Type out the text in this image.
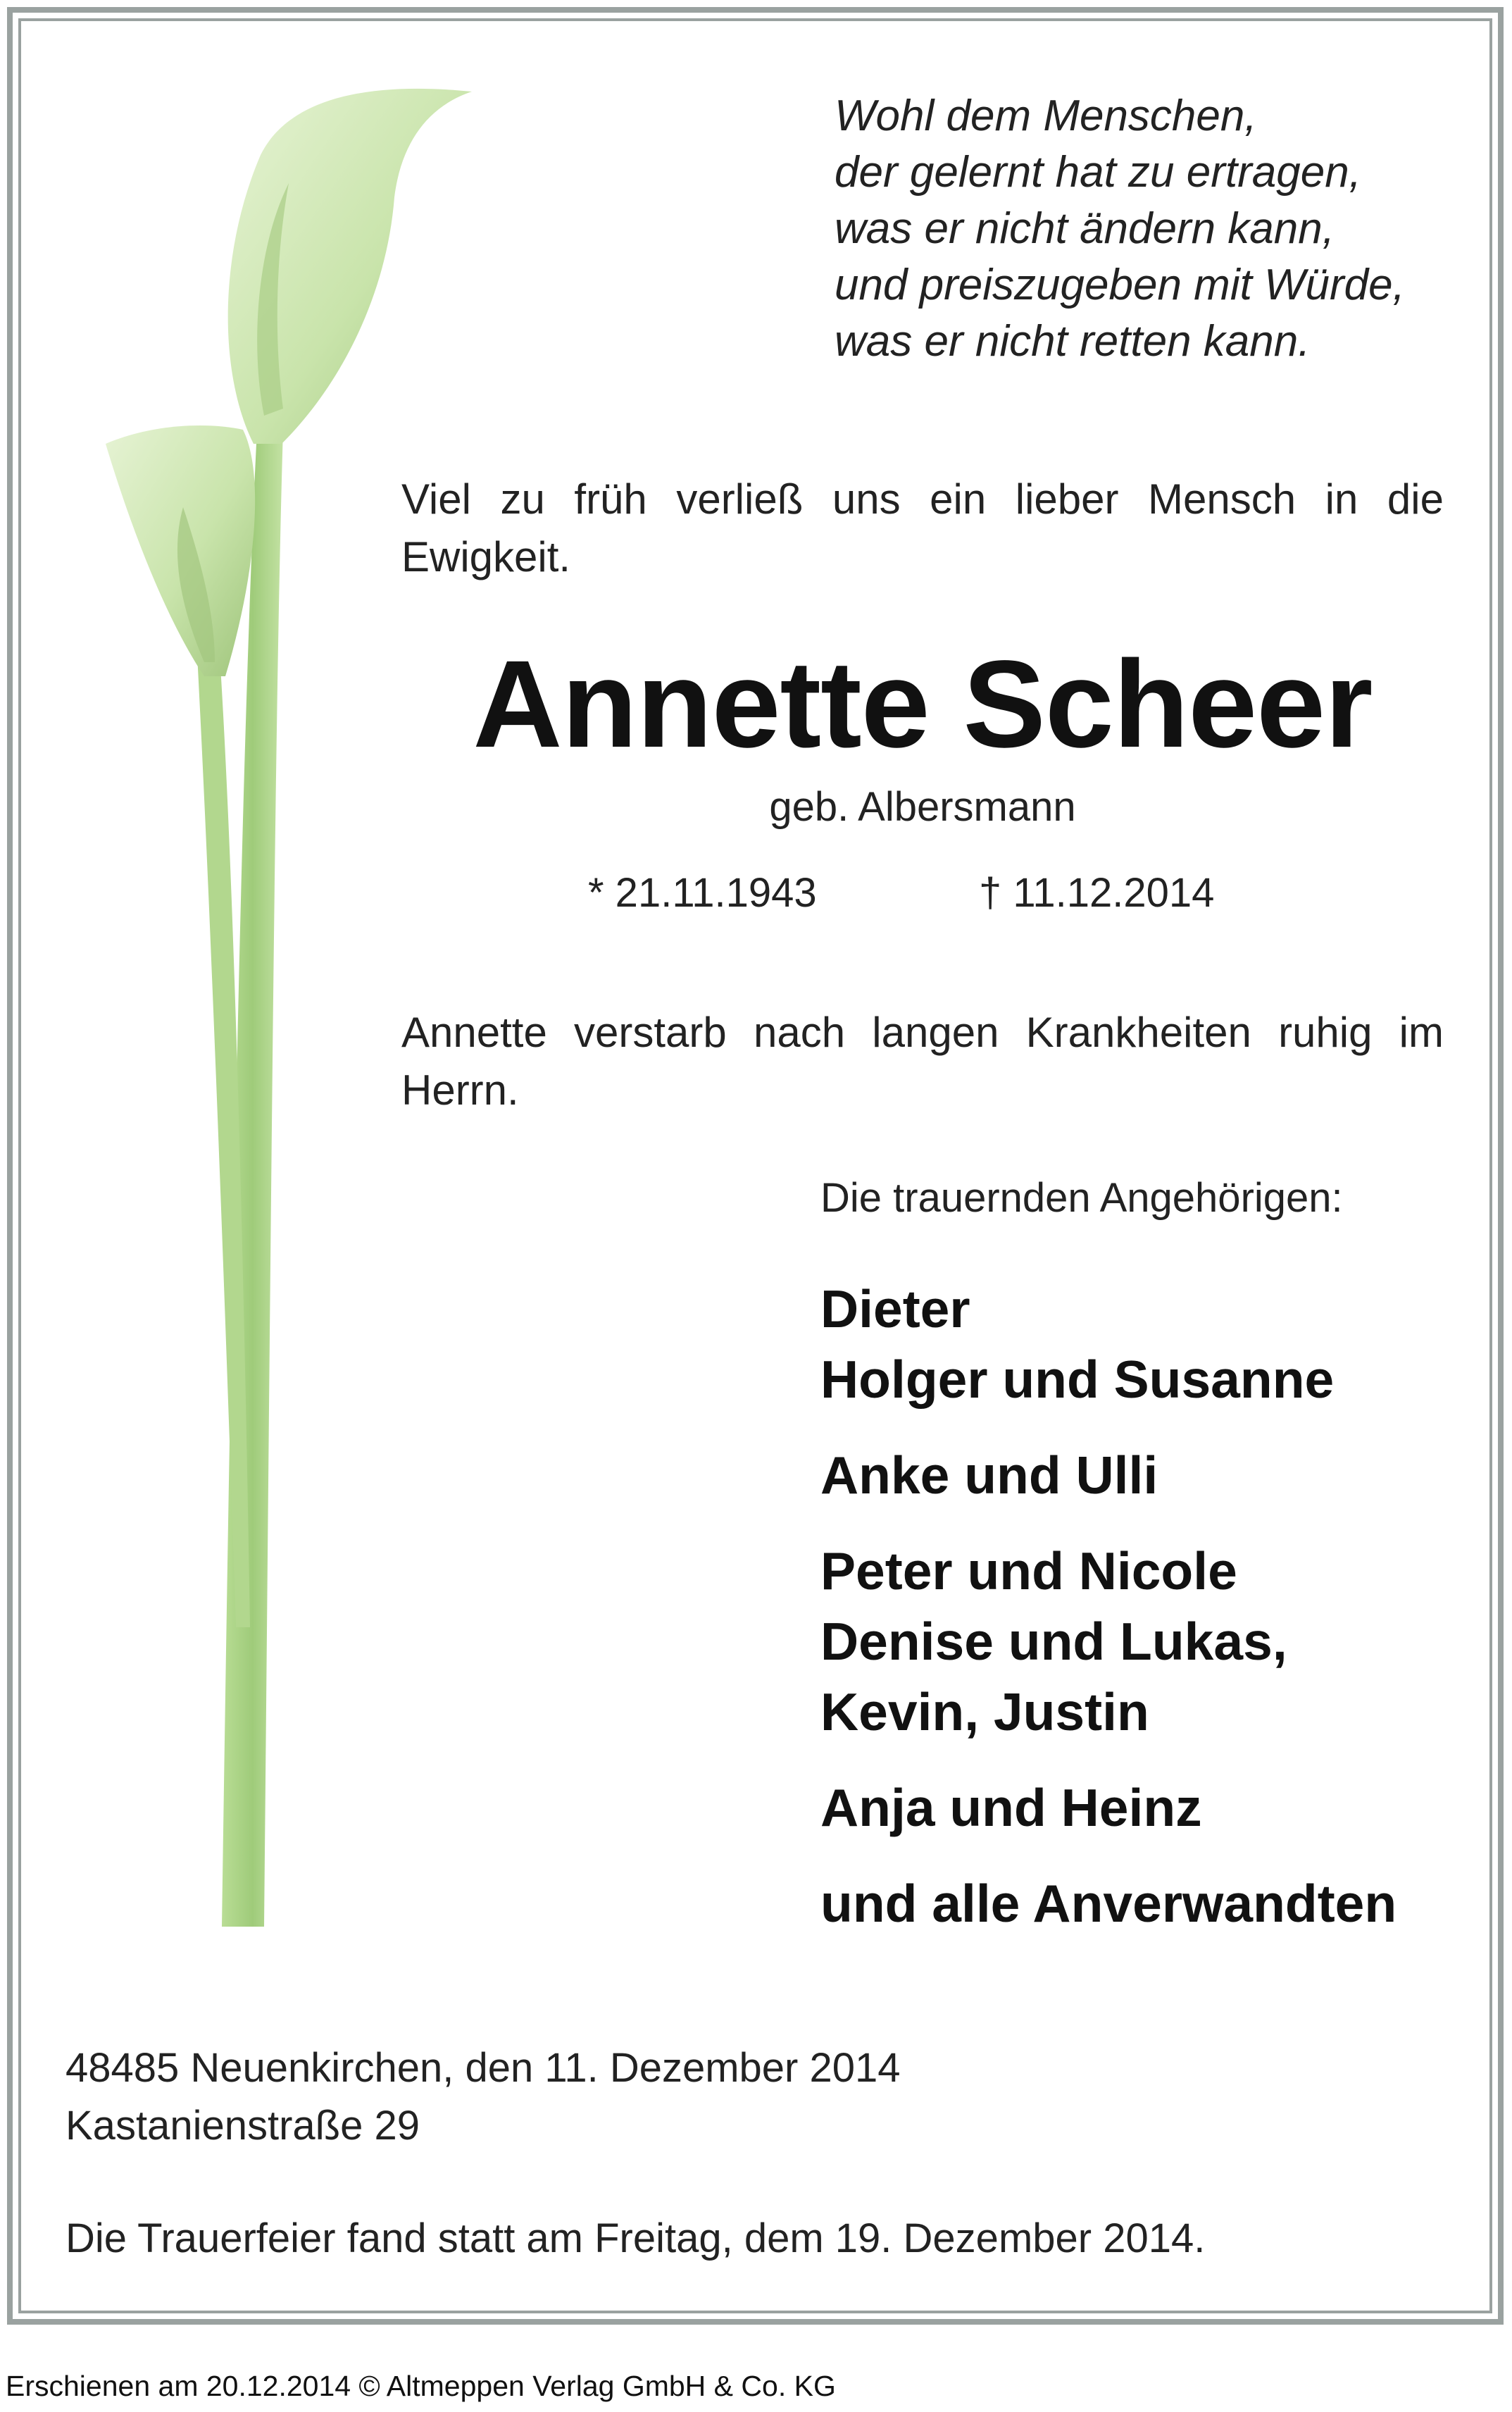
Wohl dem Menschen,
der gelernt hat zu ertragen,
was er nicht ändern kann,
und preiszugeben mit Würde,
was er nicht retten kann.
Viel zu früh verließ uns ein lieber Mensch in die Ewigkeit.
Annette Scheer
geb. Albersmann
* 21.11.1943	† 11.12.2014
Annette verstarb nach langen Krankheiten ruhig im Herrn.
Die trauernden Angehörigen:
Dieter
Holger und Susanne
Anke und Ulli
Peter und Nicole
Denise und Lukas,
Kevin, Justin
Anja und Heinz
und alle Anverwandten
48485 Neuenkirchen, den 11. Dezember 2014
Kastanienstraße 29
Die Trauerfeier fand statt am Freitag, dem 19. Dezember 2014.
Erschienen am 20.12.2014 © Altmeppen Verlag GmbH & Co. KG
